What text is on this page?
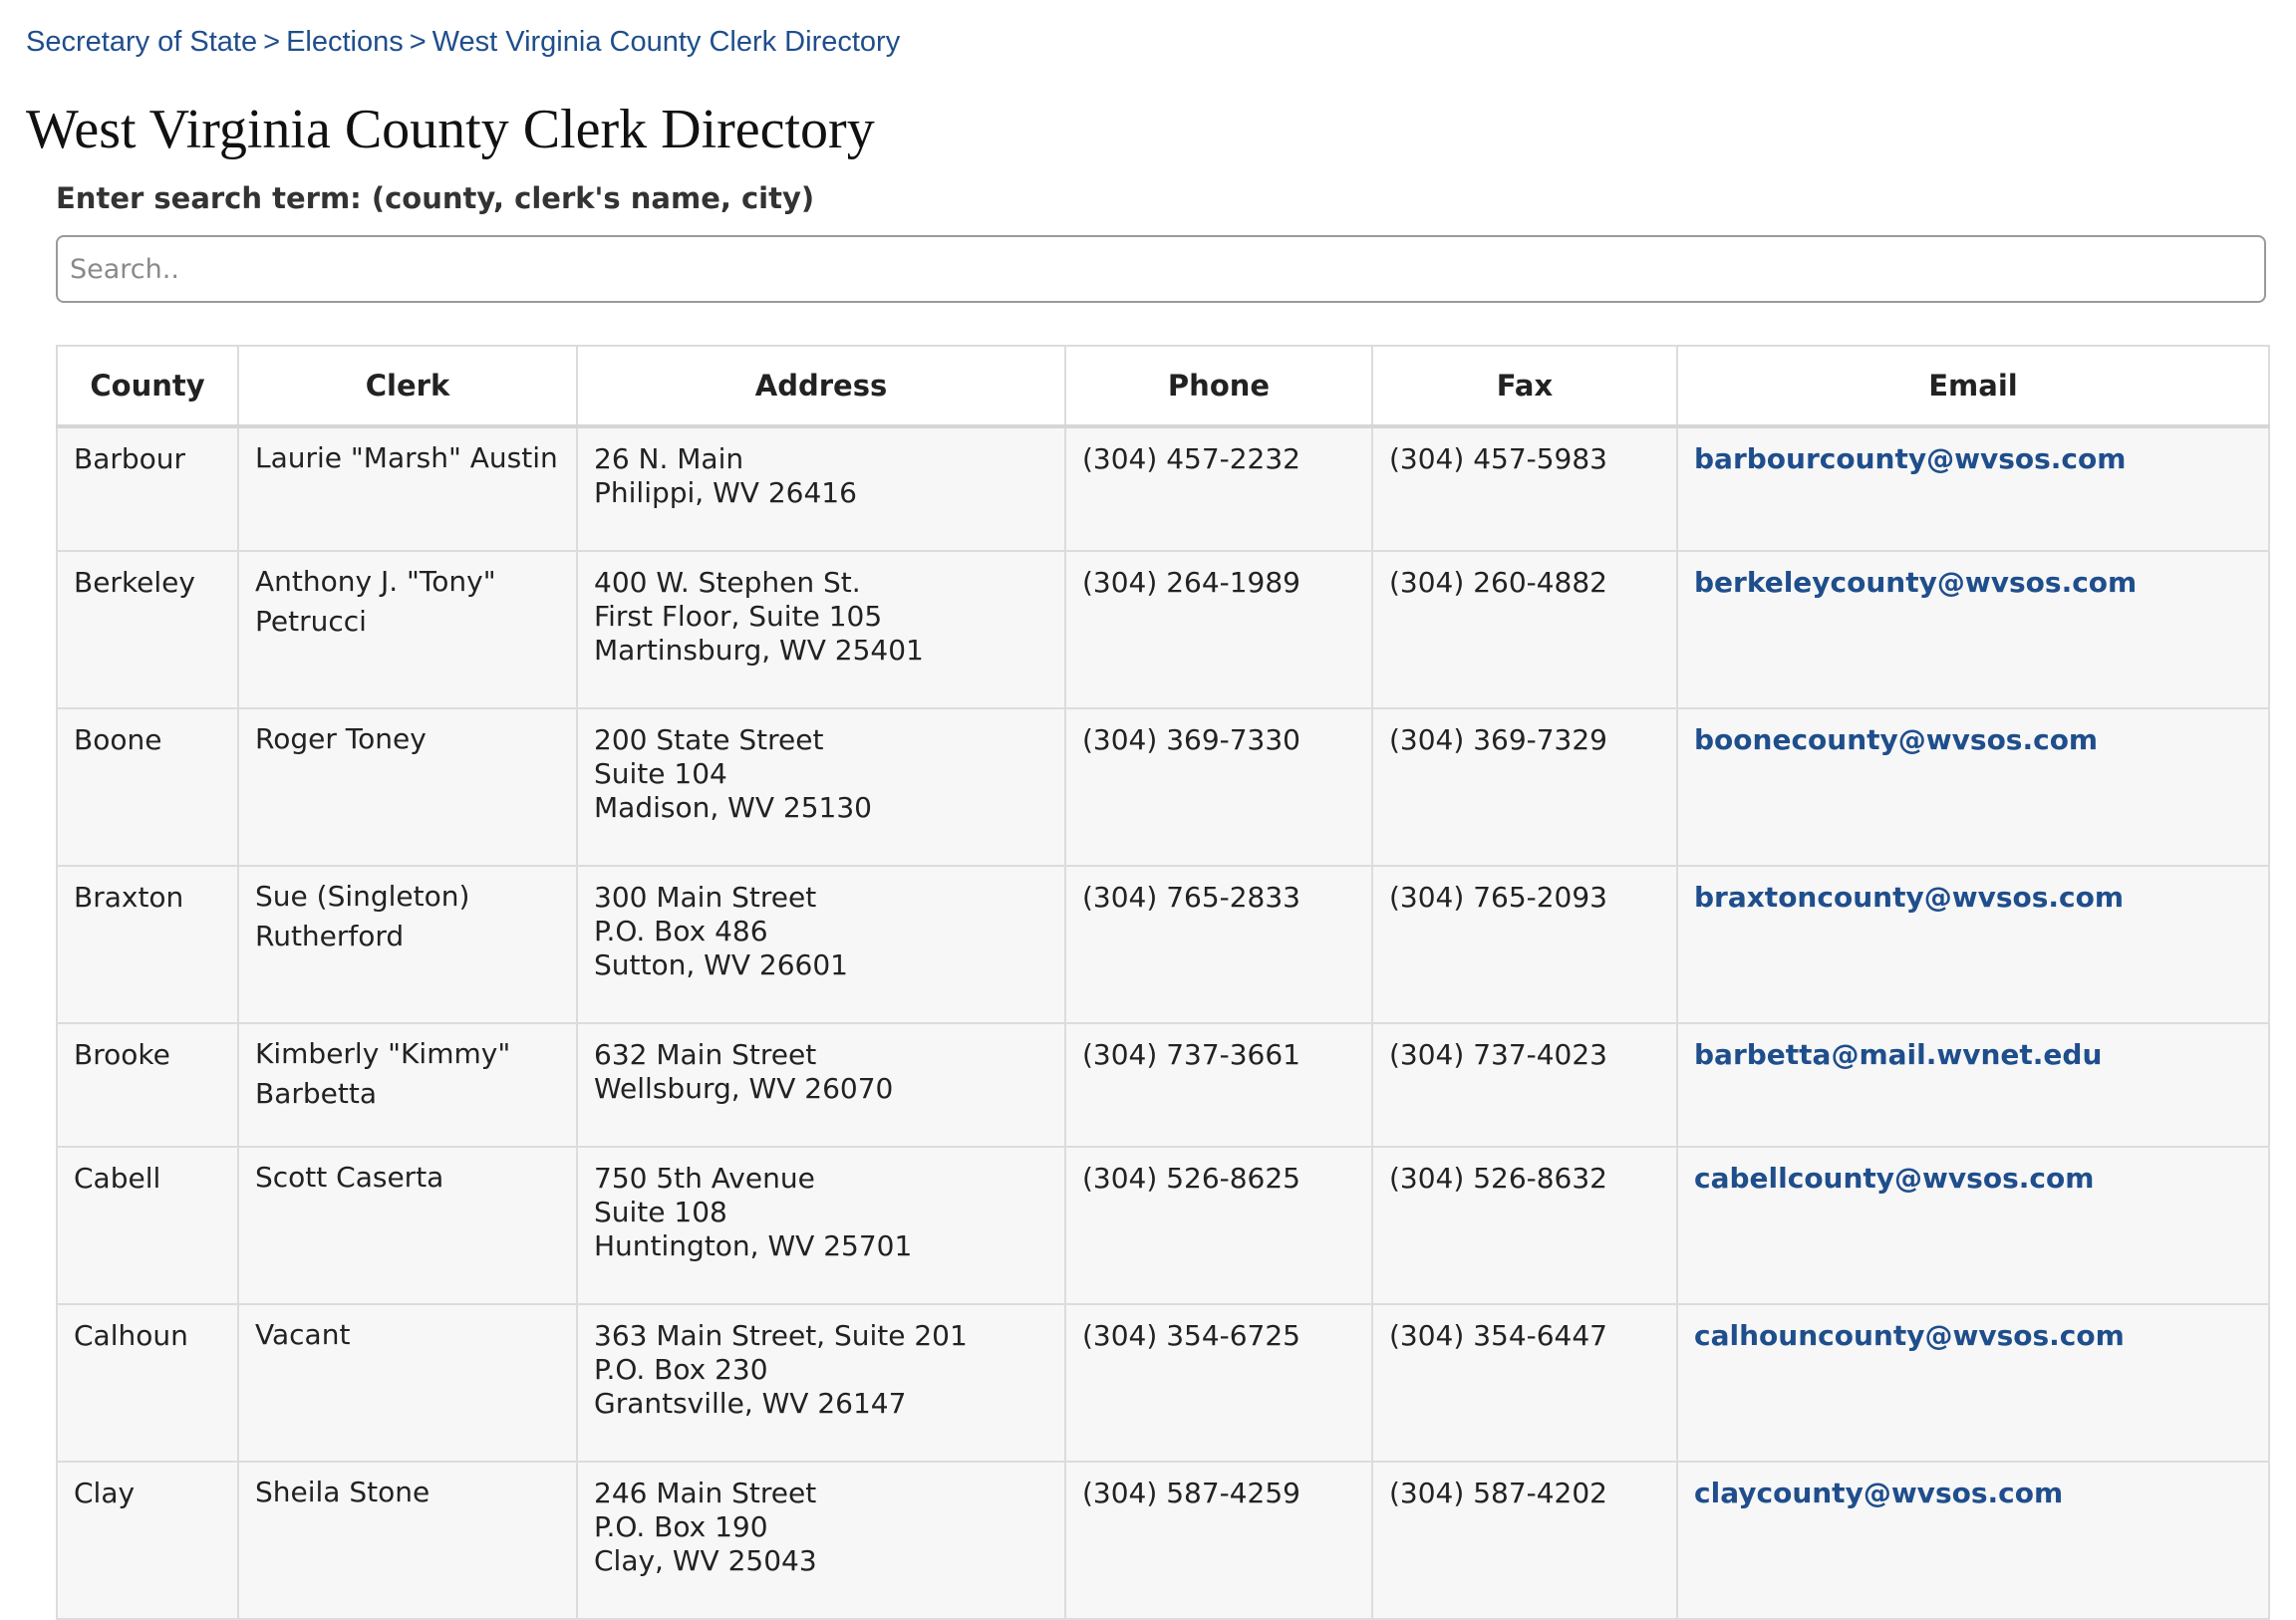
Secretary of State > Elections > West Virginia County Clerk Directory
West Virginia County Clerk Directory
Enter search term: (county, clerk's name, city)
Search..
County	Clerk	Address	Phone	Fax	Email
Barbour	Laurie "Marsh" Austin	26 N. Main
Philippi, WV 26416	(304) 457-2232	(304) 457-5983	barbourcounty@wvsos.com
Berkeley	Anthony J. "Tony" Petrucci	400 W. Stephen St.
First Floor, Suite 105
Martinsburg, WV 25401	(304) 264-1989	(304) 260-4882	berkeleycounty@wvsos.com
Boone	Roger Toney	200 State Street
Suite 104
Madison, WV 25130	(304) 369-7330	(304) 369-7329	boonecounty@wvsos.com
Braxton	Sue (Singleton) Rutherford	300 Main Street
P.O. Box 486
Sutton, WV 26601	(304) 765-2833	(304) 765-2093	braxtoncounty@wvsos.com
Brooke	Kimberly "Kimmy" Barbetta	632 Main Street
Wellsburg, WV 26070	(304) 737-3661	(304) 737-4023	barbetta@mail.wvnet.edu
Cabell	Scott Caserta	750 5th Avenue
Suite 108
Huntington, WV 25701	(304) 526-8625	(304) 526-8632	cabellcounty@wvsos.com
Calhoun	Vacant	363 Main Street, Suite 201
P.O. Box 230
Grantsville, WV 26147	(304) 354-6725	(304) 354-6447	calhouncounty@wvsos.com
Clay	Sheila Stone	246 Main Street
P.O. Box 190
Clay, WV 25043	(304) 587-4259	(304) 587-4202	claycounty@wvsos.com
